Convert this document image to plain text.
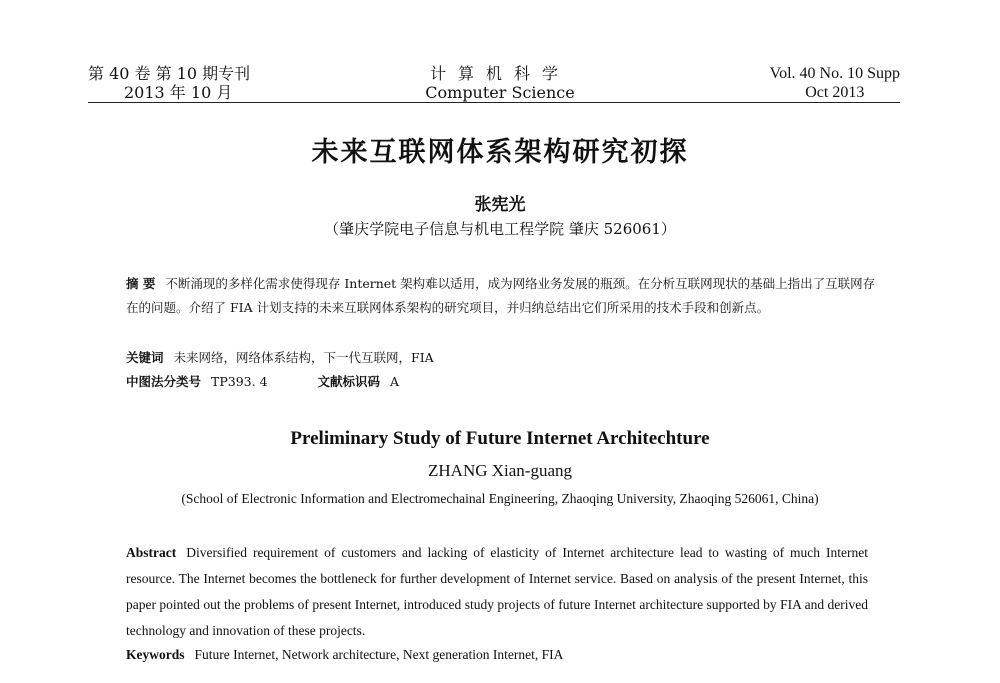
第 40 卷 第 10 期专刊
2013 年 10 月
计算机科学
Computer Science
Vol. 40 No. 10 Supp
Oct 2013
未来互联网体系架构研究初探
张宪光
（肇庆学院电子信息与机电工程学院 肇庆 526061）
摘 要 不断涌现的多样化需求使得现存 Internet 架构难以适用，成为网络业务发展的瓶颈。在分析互联网现状的基础上指出了互联网存在的问题。介绍了 FIA 计划支持的未来互联网体系架构的研究项目，并归纳总结出它们所采用的技术手段和创新点。
关键词 未来网络，网络体系结构，下一代互联网，FIA
中图法分类号 TP393. 4	文献标识码 A
Preliminary Study of Future Internet Architechture
ZHANG Xian-guang
(School of Electronic Information and Electromechainal Engineering, Zhaoqing University, Zhaoqing 526061, China)
Abstract Diversified requirement of customers and lacking of elasticity of Internet architecture lead to wasting of much Internet resource. The Internet becomes the bottleneck for further development of Internet service. Based on analysis of the present Internet, this paper pointed out the problems of present Internet, introduced study projects of future Internet architecture supported by FIA and derived technology and innovation of these projects.
Keywords Future Internet, Network architecture, Next generation Internet, FIA
